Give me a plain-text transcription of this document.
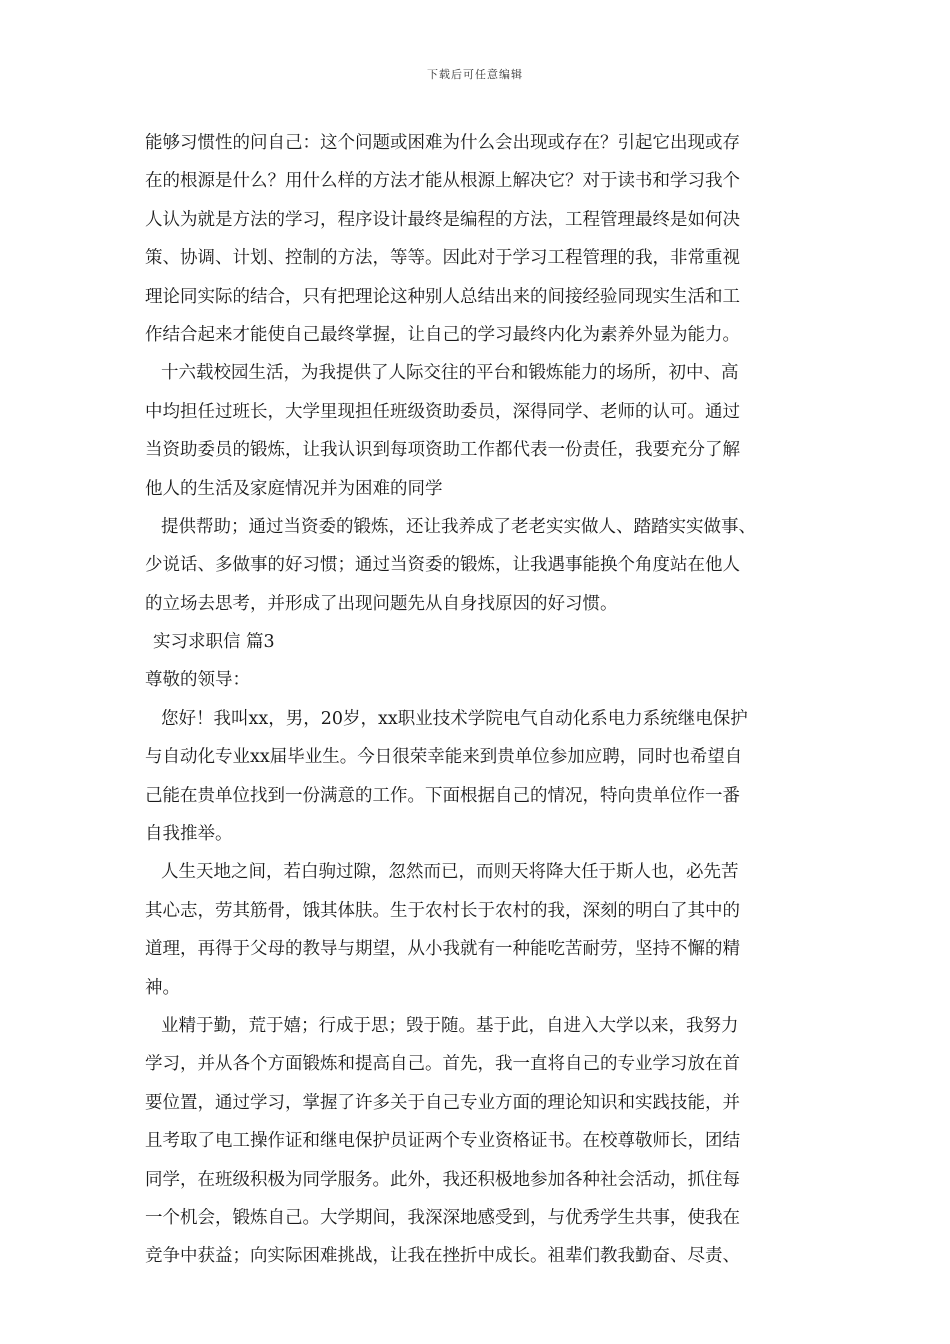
下载后可任意编辑
能够习惯性的问自己：这个问题或困难为什么会出现或存在？引起它出现或存
在的根源是什么？用什么样的方法才能从根源上解决它？对于读书和学习我个
人认为就是方法的学习，程序设计最终是编程的方法，工程管理最终是如何决
策、协调、计划、控制的方法，等等。因此对于学习工程管理的我，非常重视
理论同实际的结合，只有把理论这种别人总结出来的间接经验同现实生活和工
作结合起来才能使自己最终掌握，让自己的学习最终内化为素养外显为能力。
十六载校园生活，为我提供了人际交往的平台和锻炼能力的场所，初中、高
中均担任过班长，大学里现担任班级资助委员，深得同学、老师的认可。通过
当资助委员的锻炼，让我认识到每项资助工作都代表一份责任，我要充分了解
他人的生活及家庭情况并为困难的同学
提供帮助；通过当资委的锻炼，还让我养成了老老实实做人、踏踏实实做事、
少说话、多做事的好习惯；通过当资委的锻炼，让我遇事能换个角度站在他人
的立场去思考，并形成了出现问题先从自身找原因的好习惯。
实习求职信 篇3
尊敬的领导：
您好！我叫xx，男，20岁，xx职业技术学院电气自动化系电力系统继电保护
与自动化专业xx届毕业生。今日很荣幸能来到贵单位参加应聘，同时也希望自
己能在贵单位找到一份满意的工作。下面根据自己的情况，特向贵单位作一番
自我推举。
人生天地之间，若白驹过隙，忽然而已，而则天将降大任于斯人也，必先苦
其心志，劳其筋骨，饿其体肤。生于农村长于农村的我，深刻的明白了其中的
道理，再得于父母的教导与期望，从小我就有一种能吃苦耐劳，坚持不懈的精
神。
业精于勤，荒于嬉；行成于思；毁于随。基于此，自进入大学以来，我努力
学习，并从各个方面锻炼和提高自己。首先，我一直将自己的专业学习放在首
要位置，通过学习，掌握了许多关于自己专业方面的理论知识和实践技能，并
且考取了电工操作证和继电保护员证两个专业资格证书。在校尊敬师长，团结
同学，在班级积极为同学服务。此外，我还积极地参加各种社会活动，抓住每
一个机会，锻炼自己。大学期间，我深深地感受到，与优秀学生共事，使我在
竞争中获益；向实际困难挑战，让我在挫折中成长。祖辈们教我勤奋、尽责、
